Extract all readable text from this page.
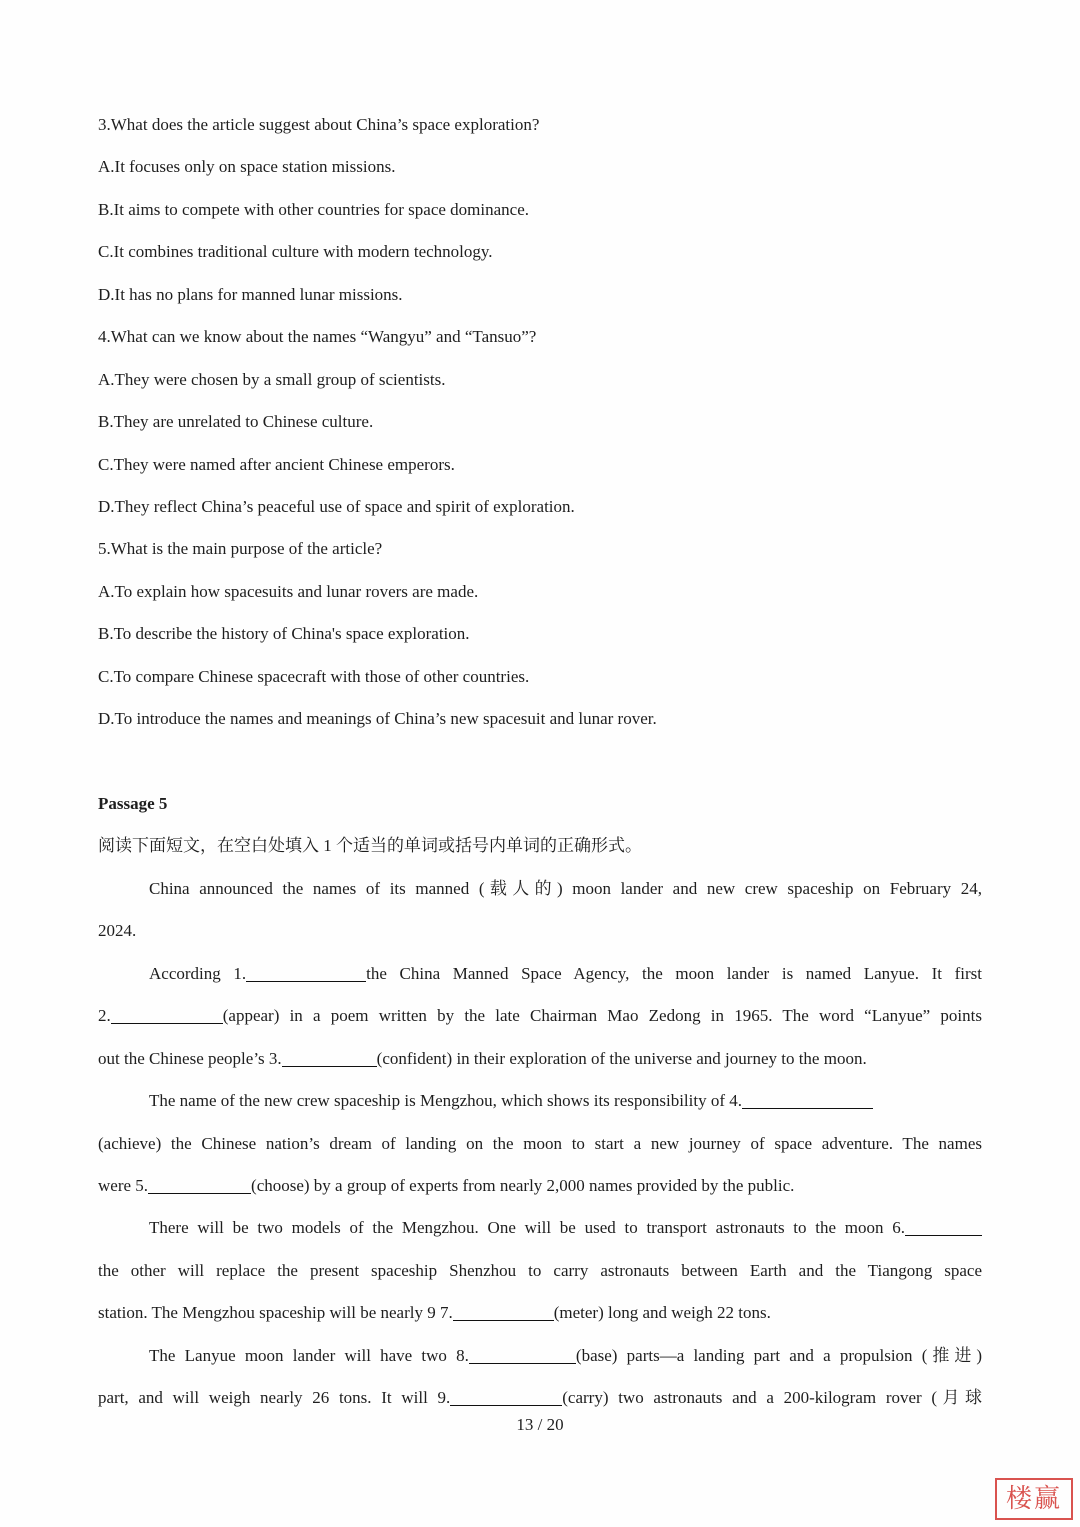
3.What does the article suggest about China’s space exploration?
A.It focuses only on space station missions.
B.It aims to compete with other countries for space dominance.
C.It combines traditional culture with modern technology.
D.It has no plans for manned lunar missions.
4.What can we know about the names “Wangyu” and “Tansuo”?
A.They were chosen by a small group of scientists.
B.They are unrelated to Chinese culture.
C.They were named after ancient Chinese emperors.
D.They reflect China’s peaceful use of space and spirit of exploration.
5.What is the main purpose of the article?
A.To explain how spacesuits and lunar rovers are made.
B.To describe the history of China's space exploration.
C.To compare Chinese spacecraft with those of other countries.
D.To introduce the names and meanings of China’s new spacesuit and lunar rover.
Passage 5
阅读下面短文，在空白处填入 1 个适当的单词或括号内单词的正确形式。
China announced the names of its manned (载人的) moon lander and new crew spaceship on February 24,
2024.
According 1.	the China Manned Space Agency, the moon lander is named Lanyue. It first
2.	(appear) in a poem written by the late Chairman Mao Zedong in 1965. The word “Lanyue” points
out the Chinese people’s 3.	(confident) in their exploration of the universe and journey to the moon.
The name of the new crew spaceship is Mengzhou, which shows its responsibility of 4.
(achieve) the Chinese nation’s dream of landing on the moon to start a new journey of space adventure. The names
were 5.	(choose) by a group of experts from nearly 2,000 names provided by the public.
There will be two models of the Mengzhou. One will be used to transport astronauts to the moon 6.
the other will replace the present spaceship Shenzhou to carry astronauts between Earth and the Tiangong space
station. The Mengzhou spaceship will be nearly 9 7.	(meter) long and weigh 22 tons.
The Lanyue moon lander will have two 8.	(base) parts—a landing part and a propulsion (推进)
part, and will weigh nearly 26 tons. It will 9.	(carry) two astronauts and a 200-kilogram rover (月球
13 / 20
楼赢
